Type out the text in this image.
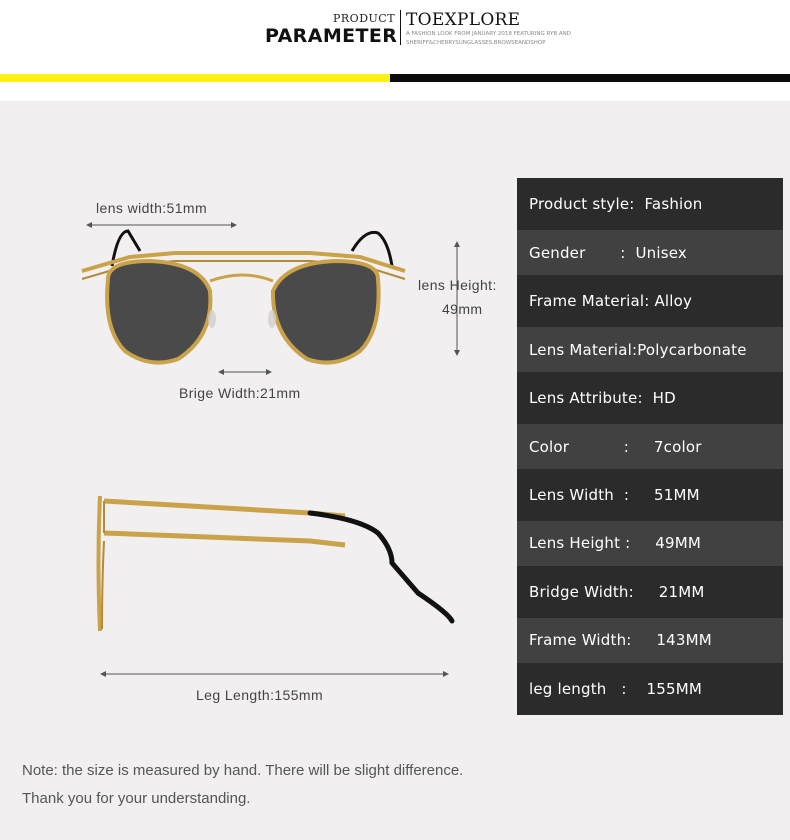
PRODUCT
PARAMETER
TOEXPLORE
A FASHION LOOK FROM JANUARY 2018 FEATURING RYB AND SHERIFF&CHERRYSUNGLASSES.BROWSEANDSHOP
lens width:51mm
lens Height:
49mm
Brige Width:21mm
Leg Length:155mm
Product style:  Fashion
Gender       :  Unisex
Frame Material: Alloy
Lens Material:Polycarbonate
Lens Attribute:  HD
Color           :     7color
Lens Width  :     51MM
Lens Height :     49MM
Bridge Width:     21MM
Frame Width:     143MM
leg length   :    155MM
Note: the size is measured by hand. There will be slight difference.
Thank you for your understanding.
